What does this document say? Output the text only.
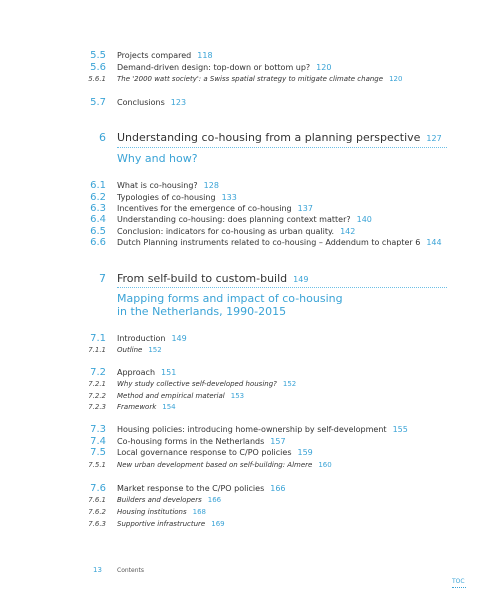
5.5 Projects compared 118
5.6 Demand-driven design: top-down or bottom up? 120
5.6.1 The '2000 watt society': a Swiss spatial strategy to mitigate climate change 120
5.7 Conclusions 123
6 Understanding co-housing from a planning perspective 127
Why and how?
6.1 What is co-housing? 128
6.2 Typologies of co-housing 133
6.3 Incentives for the emergence of co-housing 137
6.4 Understanding co-housing: does planning context matter? 140
6.5 Conclusion: indicators for co-housing as urban quality. 142
6.6 Dutch Planning instruments related to co-housing – Addendum to chapter 6 144
7 From self-build to custom-build 149
Mapping forms and impact of co-housing
in the Netherlands, 1990-2015
7.1 Introduction 149
7.1.1 Outline 152
7.2 Approach 151
7.2.1 Why study collective self-developed housing? 152
7.2.2 Method and empirical material 153
7.2.3 Framework 154
7.3 Housing policies: introducing home-ownership by self-development 155
7.4 Co-housing forms in the Netherlands 157
7.5 Local governance response to C/PO policies 159
7.5.1 New urban development based on self-building: Almere 160
7.6 Market response to the C/PO policies 166
7.6.1 Builders and developers 166
7.6.2 Housing institutions 168
7.6.3 Supportive infrastructure 169
13	Contents
TOC
